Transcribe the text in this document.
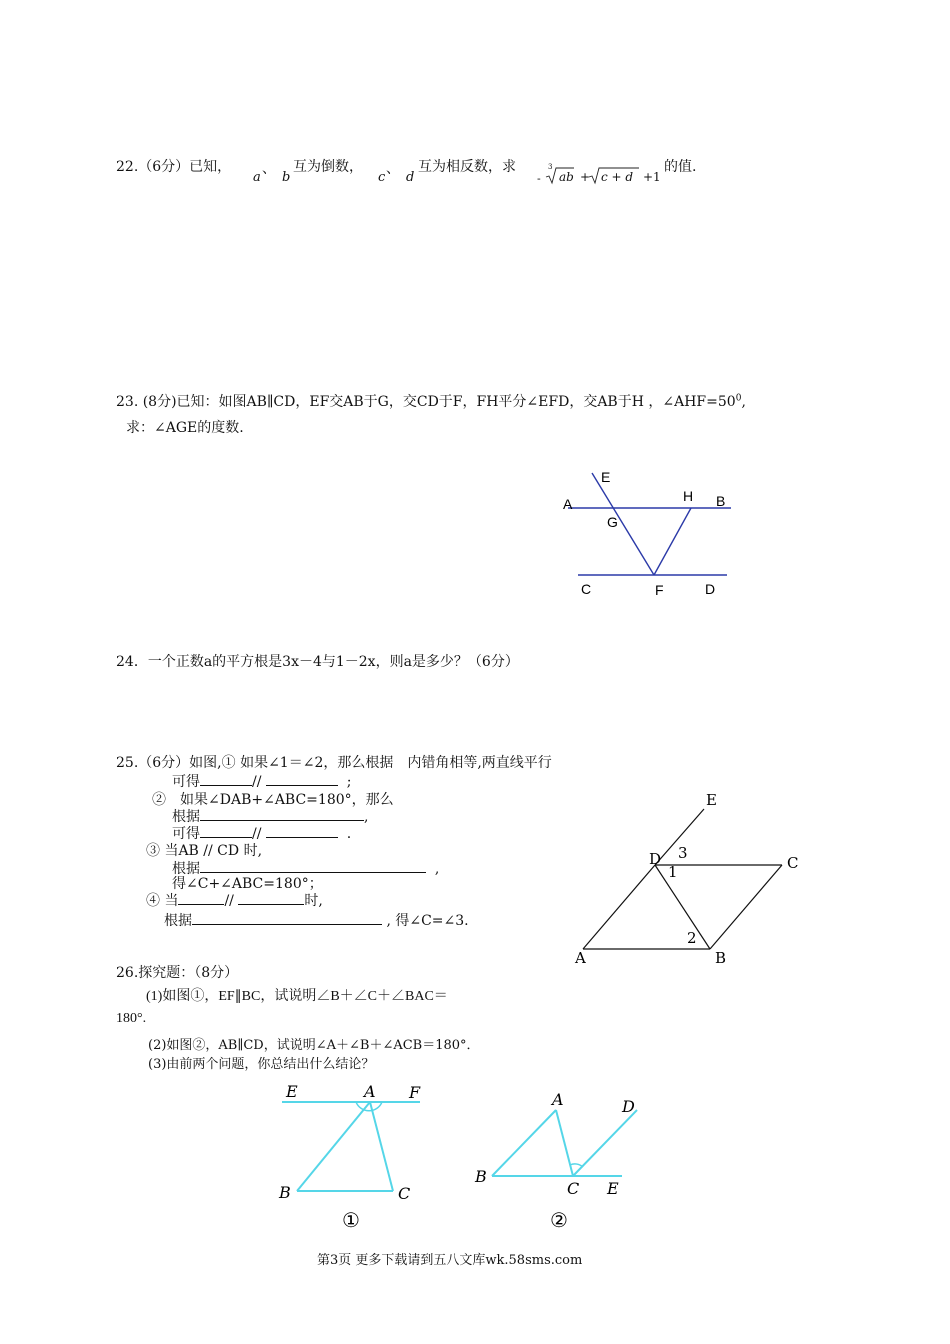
22.（6分）已知，
a
、
b
互为倒数，
c
、
d
互为相反数，求
-
3
ab + c + d +1
的值.
23. (8分)已知：如图AB∥CD，EF交AB于G，交CD于F，FH平分∠EFD，交AB于H ，$\angle AHF=50^0$,
求：∠AGE的度数.
E
A
G
H B
C	F	D
24．一个正数a的平方根是3x－4与1－2x，则a是多少？（6分）
25.（6分）如图,① 如果∠1＝∠2，那么根据　内错角相等,两直线平行
可得	//	;
②　如果∠DAB+∠ABC=180°，那么
根据	,
可得	//	.
③ 当AB // CD 时,
根据	,
得∠C+∠ABC=180°；
④ 当	//	时,
根据	, 得∠C=∠3.
E
D 3
1	C
2
A	B
26.探究题：（8分）
(1)如图①，EF∥BC，试说明∠B＋∠C＋∠BAC＝
180°.
(2)如图②，AB∥CD，试说明∠A＋∠B＋∠ACB＝180°．
(3)由前两个问题，你总结出什么结论？
E	A F
B	C
①
A	D
B
C E
②
第3页 更多下载请到五八文库wk.58sms.com
